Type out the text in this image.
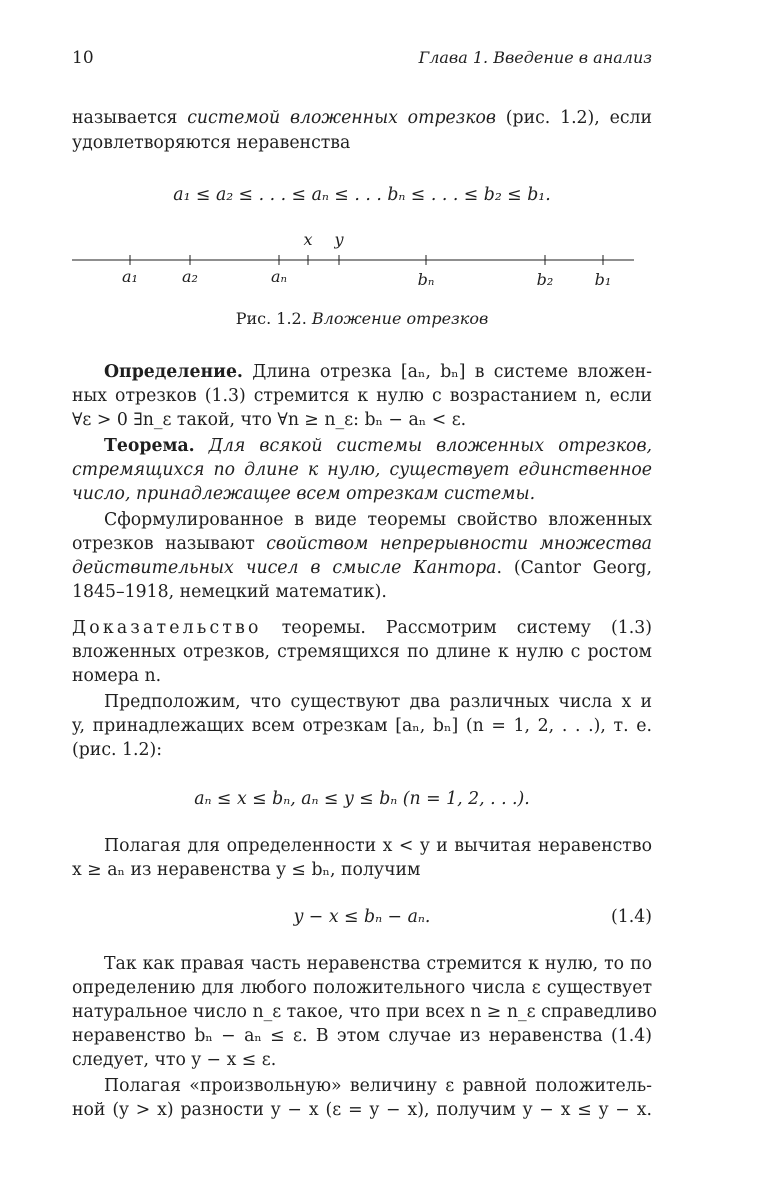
10	Глава 1. Введение в анализ
называется системой вложенных отрезков (рис. 1.2), если
удовлетворяются неравенства
a₁ ≤ a₂ ≤ . . . ≤ aₙ ≤ . . . bₙ ≤ . . . ≤ b₂ ≤ b₁.
a₁	a₂	aₙ	bₙ	b₂	b₁
x y
Рис. 1.2. Вложение отрезков
Определение. Длина отрезка [aₙ, bₙ] в системе вложен-
ных отрезков (1.3) стремится к нулю с возрастанием n, если
∀ε > 0 ∃n_ε такой, что ∀n ≥ n_ε: bₙ − aₙ < ε.
Теорема. Для всякой системы вложенных отрезков,
стремящихся по длине к нулю, существует единственное
число, принадлежащее всем отрезкам системы.
Сформулированное в виде теоремы свойство вложенных
отрезков называют свойством непрерывности множества
действительных чисел в смысле Кантора. (Cantor Georg,
1845–1918, немецкий математик).
Доказательство теоремы. Рассмотрим систему (1.3)
вложенных отрезков, стремящихся по длине к нулю с ростом
номера n.
Предположим, что существуют два различных числа x и
y, принадлежащих всем отрезкам [aₙ, bₙ] (n = 1, 2, . . .), т. е.
(рис. 1.2):
aₙ ≤ x ≤ bₙ, aₙ ≤ y ≤ bₙ (n = 1, 2, . . .).
Полагая для определенности x < y и вычитая неравенство
x ≥ aₙ из неравенства y ≤ bₙ, получим
y − x ≤ bₙ − aₙ.	(1.4)
Так как правая часть неравенства стремится к нулю, то по
определению для любого положительного числа ε существует
натуральное число n_ε такое, что при всех n ≥ n_ε справедливо
неравенство bₙ − aₙ ≤ ε. В этом случае из неравенства (1.4)
следует, что y − x ≤ ε.
Полагая «произвольную» величину ε равной положитель-
ной (y > x) разности y − x (ε = y − x), получим y − x ≤ y − x.
